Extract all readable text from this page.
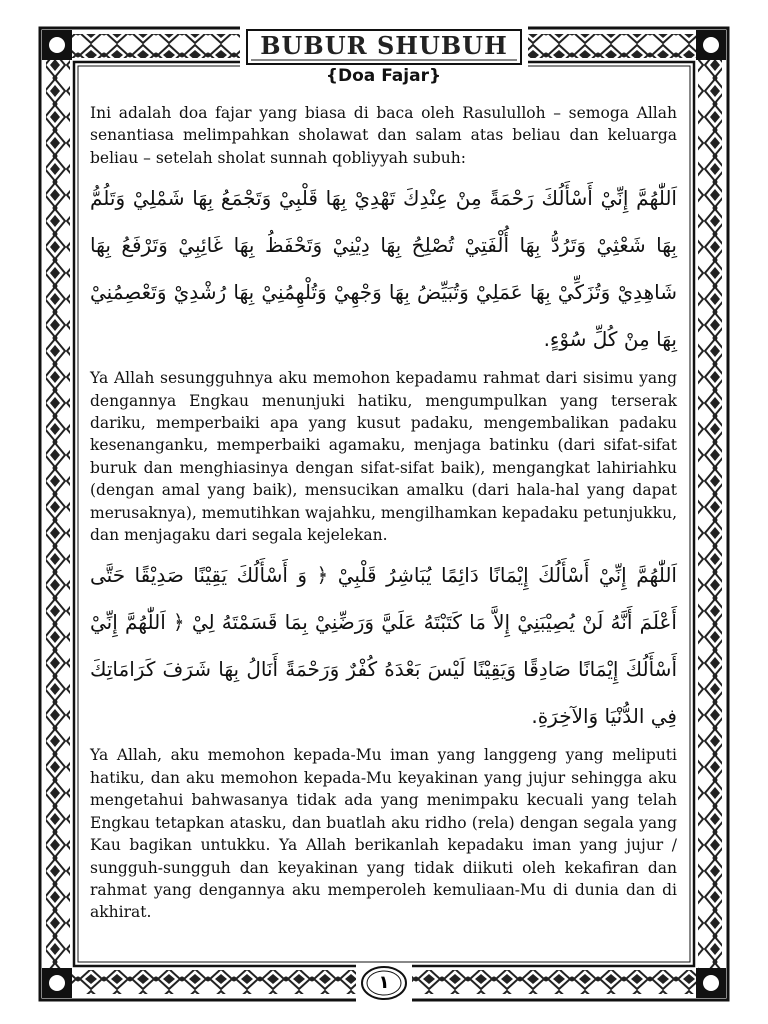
BUBUR SHUBUH
{Doa Fajar}

Ini adalah doa fajar yang biasa di baca oleh Rasululloh – semoga Allah senantiasa melimpahkan sholawat dan salam atas beliau dan keluarga beliau – setelah sholat sunnah qobliyyah subuh:

اَللّٰهُمَّ إِنِّيْ أَسْأَلُكَ رَحْمَةً مِنْ عِنْدِكَ تَهْدِيْ بِهَا قَلْبِيْ وَتَجْمَعُ بِهَا شَمْلِيْ وَتَلُمُّ بِهَا شَعْثِيْ وَتَرُدُّ بِهَا أُلْفَتِيْ تُصْلِحُ بِهَا دِيْنِيْ وَتَحْفَظُ بِهَا غَائِبِيْ وَتَرْفَعُ بِهَا شَاهِدِيْ وَتُزَكِّيْ بِهَا عَمَلِيْ وَتُبَيِّضُ بِهَا وَجْهِيْ وَتُلْهِمُنِيْ بِهَا رُشْدِيْ وَتَعْصِمُنِيْ بِهَا مِنْ كُلِّ سُوْءٍ.

Ya Allah sesungguhnya aku memohon kepadamu rahmat dari sisimu yang dengannya Engkau menunjuki hatiku, mengumpulkan yang terserak dariku, memperbaiki apa yang kusut padaku, mengembalikan padaku kesenanganku, memperbaiki agamaku, menjaga batinku (dari sifat-sifat buruk dan menghiasinya dengan sifat-sifat baik), mengangkat lahiriahku (dengan amal yang baik), mensucikan amalku (dari hala-hal yang dapat merusaknya), memutihkan wajahku, mengilhamkan kepadaku petunjukku, dan menjagaku dari segala kejelekan.

اَللّٰهُمَّ إِنِّيْ أَسْأَلُكَ إِيْمَانًا دَائِمًا يُبَاشِرُ قَلْبِيْ ﴿ وَ أَسْأَلُكَ يَقِيْنًا صَدِيْقًا حَتَّى أَعْلَمَ أَنَّهُ لَنْ يُصِيْبَنِيْ إِلاَّ مَا كَتَبْتَهُ عَلَيَّ وَرَضِّنِيْ بِمَا قَسَمْتَهُ لِيْ ﴿ اَللّٰهُمَّ إِنِّيْ أَسْأَلُكَ إِيْمَانًا صَادِقًا وَيَقِيْنًا لَيْسَ بَعْدَهُ كُفْرٌ وَرَحْمَةً أَنَالُ بِهَا شَرَفَ كَرَامَاتِكَ فِي الدُّنْيَا وَالآخِرَةِ.

Ya Allah, aku memohon kepada-Mu iman yang langgeng yang meliputi hatiku, dan aku memohon kepada-Mu keyakinan yang jujur sehingga aku mengetahui bahwasanya tidak ada yang menimpaku kecuali yang telah Engkau tetapkan atasku, dan buatlah aku ridho (rela) dengan segala yang Kau bagikan untukku. Ya Allah berikanlah kepadaku iman yang jujur / sungguh-sungguh dan keyakinan yang tidak diikuti oleh kekafiran dan rahmat yang dengannya aku memperoleh kemuliaan-Mu di dunia dan di akhirat.

١
